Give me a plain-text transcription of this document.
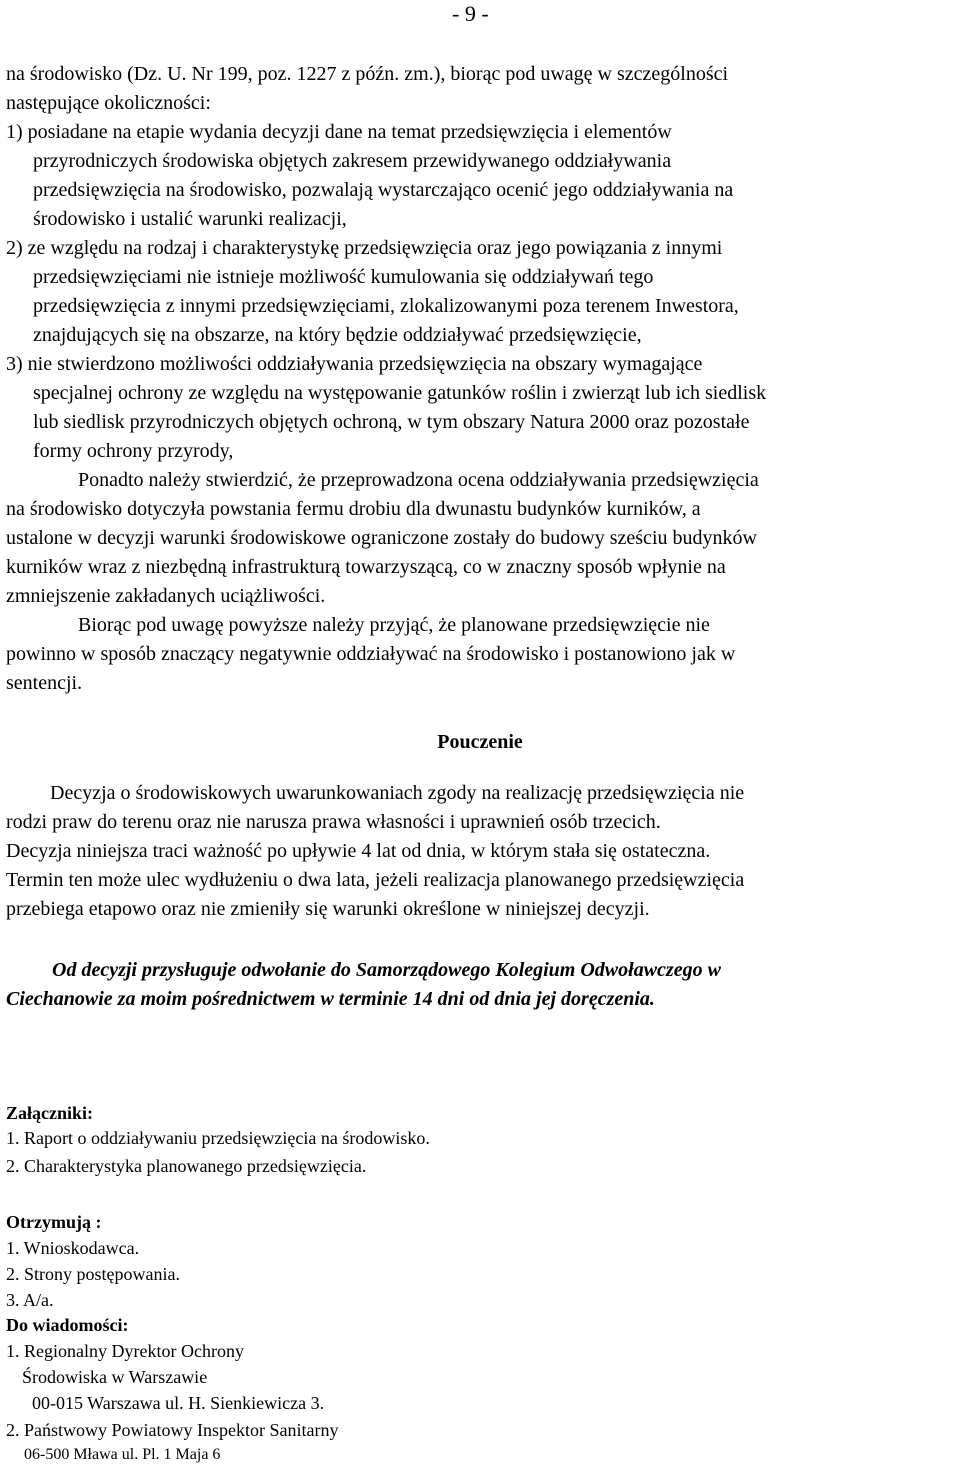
- 9 -
na środowisko (Dz. U. Nr 199, poz. 1227 z późn. zm.), biorąc pod uwagę w szczególności
następujące okoliczności:
1) posiadane na etapie wydania decyzji dane na temat przedsięwzięcia i elementów
przyrodniczych środowiska objętych zakresem przewidywanego oddziaływania
przedsięwzięcia na środowisko, pozwalają wystarczająco ocenić jego oddziaływania na
środowisko i ustalić warunki realizacji,
2) ze względu na rodzaj i charakterystykę przedsięwzięcia oraz jego powiązania z innymi
przedsięwzięciami nie istnieje możliwość kumulowania się oddziaływań tego
przedsięwzięcia z innymi przedsięwzięciami, zlokalizowanymi poza terenem Inwestora,
znajdujących się na obszarze, na który będzie oddziaływać przedsięwzięcie,
3) nie stwierdzono możliwości oddziaływania przedsięwzięcia na obszary wymagające
specjalnej ochrony ze względu na występowanie gatunków roślin i zwierząt lub ich siedlisk
lub siedlisk przyrodniczych objętych ochroną, w tym obszary Natura 2000 oraz pozostałe
formy ochrony przyrody,
Ponadto należy stwierdzić, że przeprowadzona ocena oddziaływania przedsięwzięcia
na środowisko dotyczyła powstania fermu drobiu dla dwunastu budynków kurników, a
ustalone w decyzji warunki środowiskowe ograniczone zostały do budowy sześciu budynków
kurników wraz z niezbędną infrastrukturą towarzyszącą, co w znaczny sposób wpłynie na
zmniejszenie zakładanych uciążliwości.
Biorąc pod uwagę powyższe należy przyjąć, że planowane przedsięwzięcie nie
powinno w sposób znaczący negatywnie oddziaływać na środowisko i postanowiono jak w
sentencji.
Pouczenie
Decyzja o środowiskowych uwarunkowaniach zgody na realizację przedsięwzięcia nie
rodzi praw do terenu oraz nie narusza prawa własności i uprawnień osób trzecich.
Decyzja niniejsza traci ważność po upływie 4 lat od dnia, w którym stała się ostateczna.
Termin ten może ulec wydłużeniu o dwa lata, jeżeli realizacja planowanego przedsięwzięcia
przebiega etapowo oraz nie zmieniły się warunki określone w niniejszej decyzji.
Od decyzji przysługuje odwołanie do Samorządowego Kolegium Odwoławczego w
Ciechanowie za moim pośrednictwem w terminie 14 dni od dnia jej doręczenia.
Załączniki:
1. Raport o oddziaływaniu przedsięwzięcia na środowisko.
2. Charakterystyka planowanego przedsięwzięcia.
Otrzymują :
1. Wnioskodawca.
2. Strony postępowania.
3. A/a.
Do wiadomości:
1. Regionalny Dyrektor Ochrony
Środowiska w Warszawie
00-015 Warszawa ul. H. Sienkiewicza 3.
2. Państwowy Powiatowy Inspektor Sanitarny
06-500 Mława ul. Pl. 1 Maja 6
